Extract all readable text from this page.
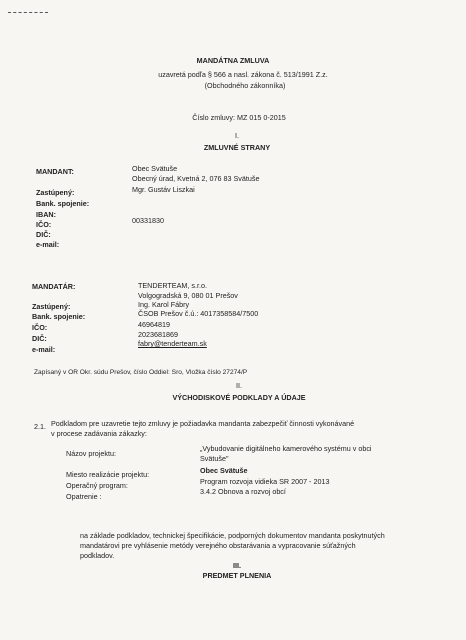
MANDÁTNA ZMLUVA
uzavretá podľa § 566 a nasl. zákona č. 513/1991 Z.z.
(Obchodného zákonníka)
Číslo zmluvy: MZ 015 0-2015
I.
ZMLUVNÉ STRANY
MANDANT:	Obec Svätuše
Obecný úrad, Kvetná 2, 076 83 Svätuše
Zastúpený:	Mgr. Gustáv Liszkai
Bank. spojenie:
IBAN:
IČO:	00331830
DIČ:
e-mail:
MANDATÁR:	TENDERTEAM, s.r.o.
Volgogradská 9, 080 01 Prešov
Zastúpený:	Ing. Karol Fábry
Bank. spojenie:	ČSOB Prešov č.ú.: 4017358584/7500
IČO:	46964819
DIČ:	2023681869
e-mail:
fabry@tenderteam.sk
Zapísaný v OR Okr. súdu Prešov, číslo Oddiel: Sro, Vložka číslo 27274/P
II.
VÝCHODISKOVÉ PODKLADY A ÚDAJE
2.1. Podkladom pre uzavretie tejto zmluvy je požiadavka mandanta zabezpečiť činnosti vykonávané
v procese zadávania zákazky:
Názov projektu:
„Vybudovanie digitálneho kamerového systému v obci
Svätuše"
Miesto realizácie projektu:	Obec Svätuše
Operačný program:	Program rozvoja vidieka SR 2007 - 2013
Opatrenie :
3.4.2 Obnova a rozvoj obcí
na základe podkladov, technickej špecifikácie, podporných dokumentov mandanta poskytnutých
mandatárovi pre vyhlásenie metódy verejného obstarávania a vypracovanie súťažných
podkladov.
III.
PREDMET PLNENIA
